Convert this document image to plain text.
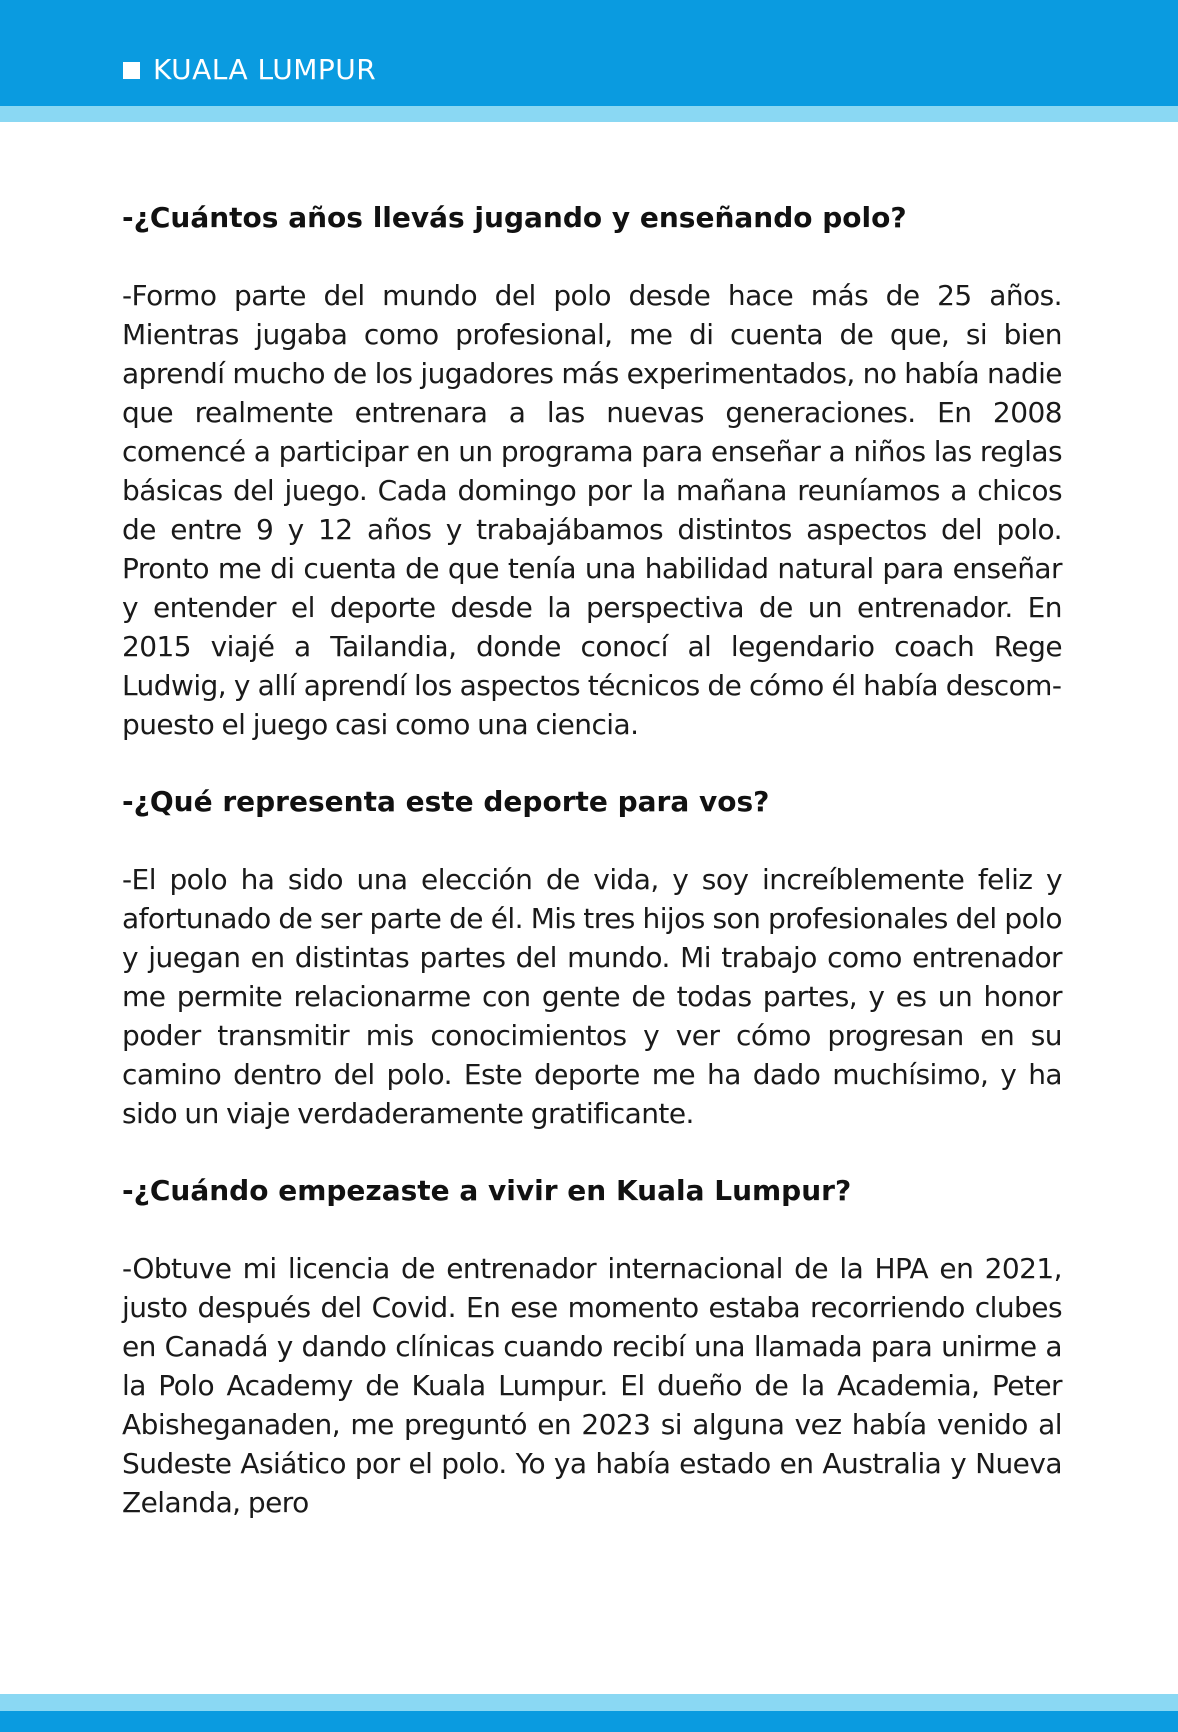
KUALA LUMPUR

-¿Cuántos años llevás jugando y enseñando polo?

-Formo parte del mundo del polo desde hace más de 25 años. Mientras jugaba como profesional, me di cuenta de que, si bien aprendí mucho de los jugadores más experimentados, no había nadie que realmente entrenara a las nuevas generaciones. En 2008 comencé a participar en un programa para enseñar a niños las reglas básicas del juego. Cada domingo por la mañana reuníamos a chicos de entre 9 y 12 años y trabajábamos distintos aspectos del polo. Pronto me di cuenta de que tenía una habilidad natural para enseñar y entender el deporte desde la perspectiva de un entrenador. En 2015 viajé a Tailandia, donde conocí al legendario coach Rege Ludwig, y allí aprendí los aspectos técnicos de cómo él había descompuesto el juego casi como una ciencia.

-¿Qué representa este deporte para vos?

-El polo ha sido una elección de vida, y soy increíblemente feliz y afortunado de ser parte de él. Mis tres hijos son profesionales del polo y juegan en distintas partes del mundo. Mi trabajo como entrenador me permite relacionarme con gente de todas partes, y es un honor poder transmitir mis conocimientos y ver cómo progresan en su camino dentro del polo. Este deporte me ha dado muchísimo, y ha sido un viaje verdaderamente gratificante.

-¿Cuándo empezaste a vivir en Kuala Lumpur?

-Obtuve mi licencia de entrenador internacional de la HPA en 2021, justo después del Covid. En ese momento estaba recorriendo clubes en Canadá y dando clínicas cuando recibí una llamada para unirme a la Polo Academy de Kuala Lumpur. El dueño de la Academia, Peter Abisheganaden, me preguntó en 2023 si alguna vez había venido al Sudeste Asiático por el polo. Yo ya había estado en Australia y Nueva Zelanda, pero
